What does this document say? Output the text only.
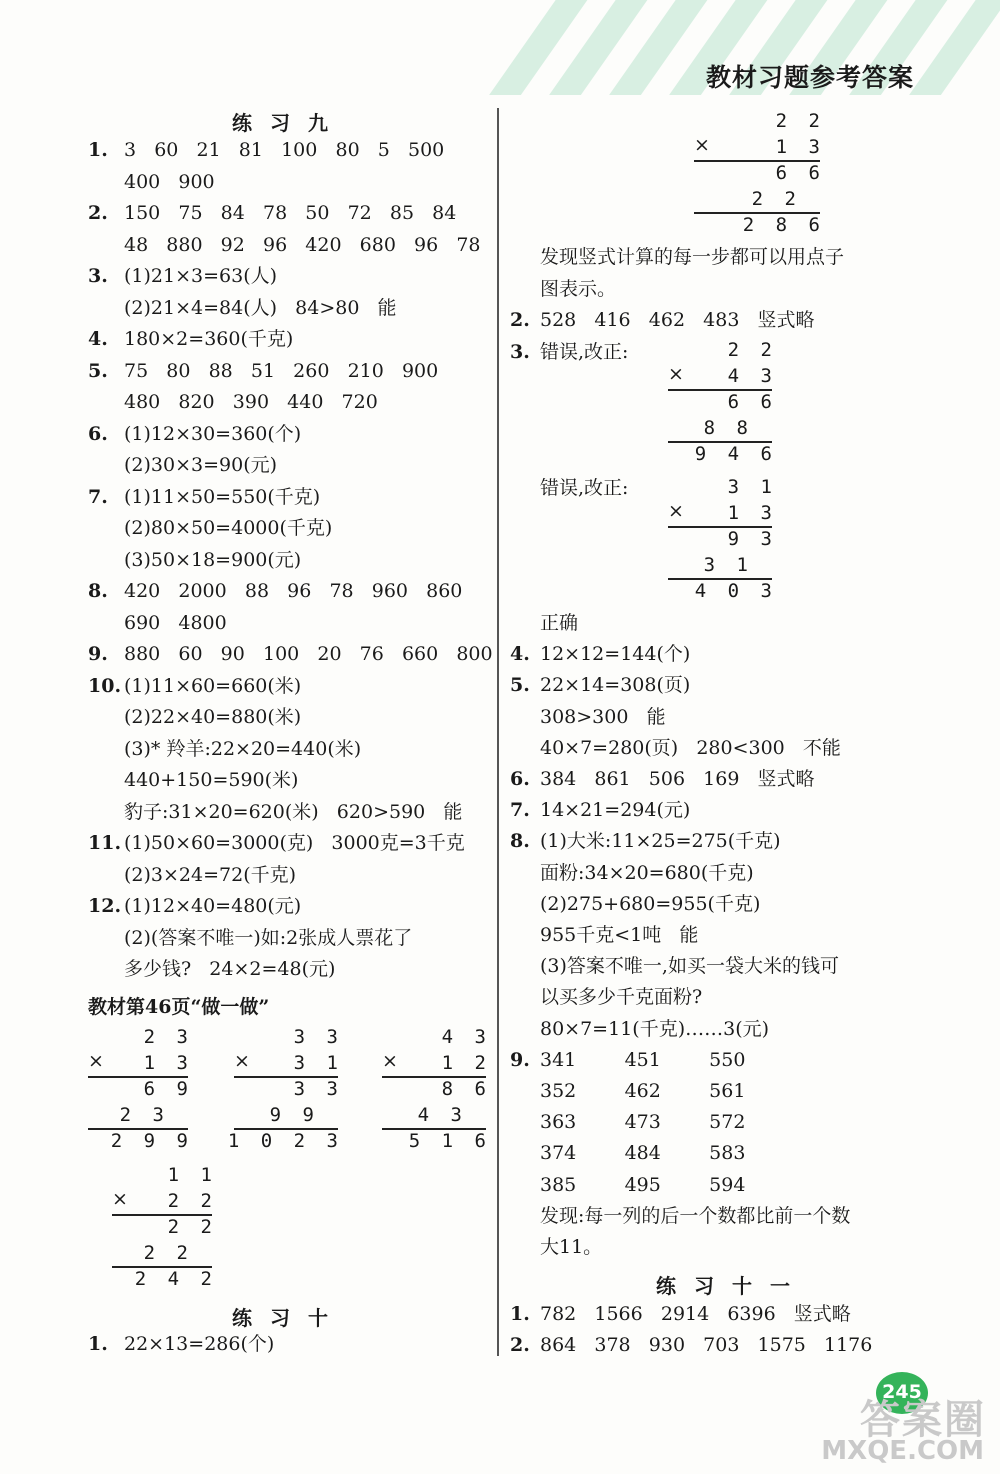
教材习题参考答案
练习九
1. 3   60   21   81   100   80   5   500
400   900
2. 150   75   84   78   50   72   85   84
48   880   92   96   420   680   96   78
3. (1)21×3=63(人)
(2)21×4=84(人)   84>80   能
4. 180×2=360(千克)
5. 75   80   88   51   260   210   900
480   820   390   440   720
6. (1)12×30=360(个)
(2)30×3=90(元)
7. (1)11×50=550(千克)
(2)80×50=4000(千克)
(3)50×18=900(元)
8. 420   2000   88   96   78   960   860
690   4800
9. 880   60   90   100   20   76   660   800
10. (1)11×60=660(米)
(2)22×40=880(米)
(3)* 羚羊:22×20=440(米)
440+150=590(米)
豹子:31×20=620(米)   620>590   能
11. (1)50×60=3000(克)   3000克=3千克
(2)3×24=72(千克)
12. (1)12×40=480(元)
(2)(答案不唯一)如:2张成人票花了
多少钱?   24×2=48(元)
教材第46页“做一做”
2 3
1 3
6 9
2 3
2 9 9
×
3 3
3 1
3 3
9 9
1 0 2 3
×
4 3
1 2
8 6
4 3
5 1 6
×
1 1
2 2
2 2
2 2
2 4 2
×
练习十
1. 22×13=286(个)
2 2
1 3
6 6
2 2
2 8 6
×
发现竖式计算的每一步都可以用点子
图表示。
2. 528   416   462   483   竖式略
3. 错误,改正:	2 2
4 3
6 6
8 8
9 4 6
×
错误,改正:	3 1
1 3
9 3
3 1
4 0 3
×
正确
4. 12×12=144(个)
5. 22×14=308(页)
308>300   能
40×7=280(页)   280<300   不能
6. 384   861   506   169   竖式略
7. 14×21=294(元)
8. (1)大米:11×25=275(千克)
面粉:34×20=680(千克)
(2)275+680=955(千克)
955千克<1吨   能
(3)答案不唯一,如买一袋大米的钱可
以买多少千克面粉?
80×7=11(千克)……3(元)
9. 341        451        550
352        462        561
363        473        572
374        484        583
385        495        594
发现:每一列的后一个数都比前一个数
大11。
练习十一
1. 782   1566   2914   6396   竖式略
2. 864   378   930   703   1575   1176
245
答案圈
MXQE.COM
